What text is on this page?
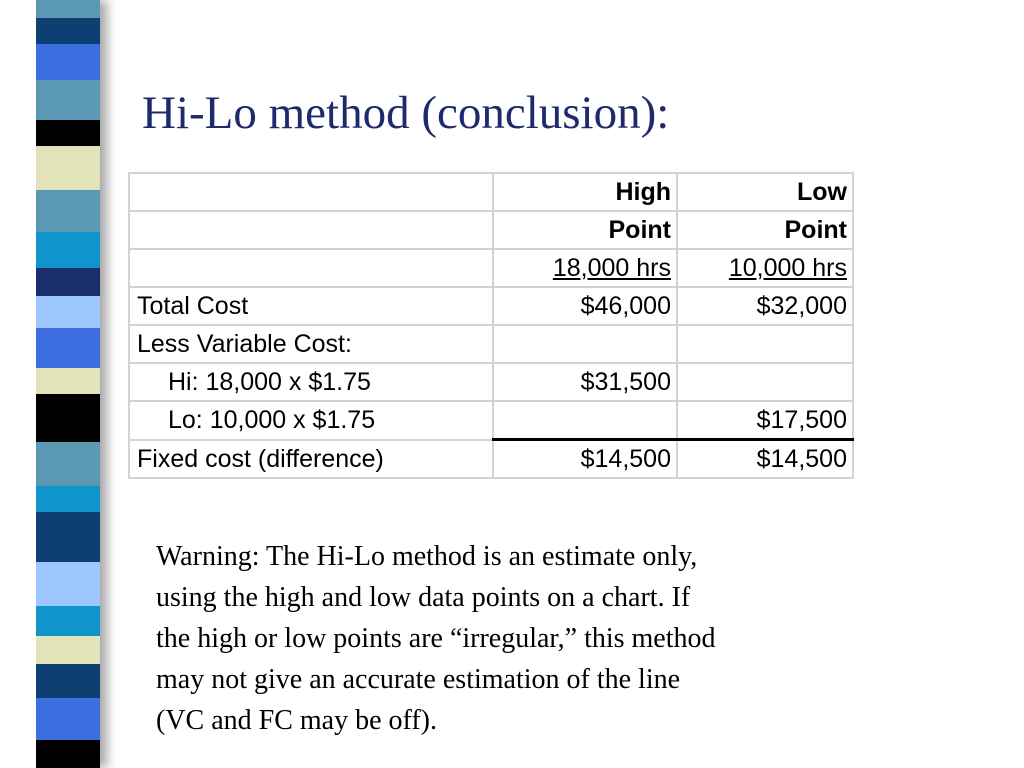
Hi-Lo method (conclusion):
	High	Low
	Point	Point
	18,000 hrs	10,000 hrs
Total Cost	$46,000	$32,000
Less Variable Cost:		
Hi: 18,000 x $1.75	$31,500	
Lo: 10,000 x $1.75		$17,500
Fixed cost (difference)	$14,500	$14,500

Warning: The Hi-Lo method is an estimate only,
using the high and low data points on a chart. If
the high or low points are “irregular,” this method
may not give an accurate estimation of the line
(VC and FC may be off).
